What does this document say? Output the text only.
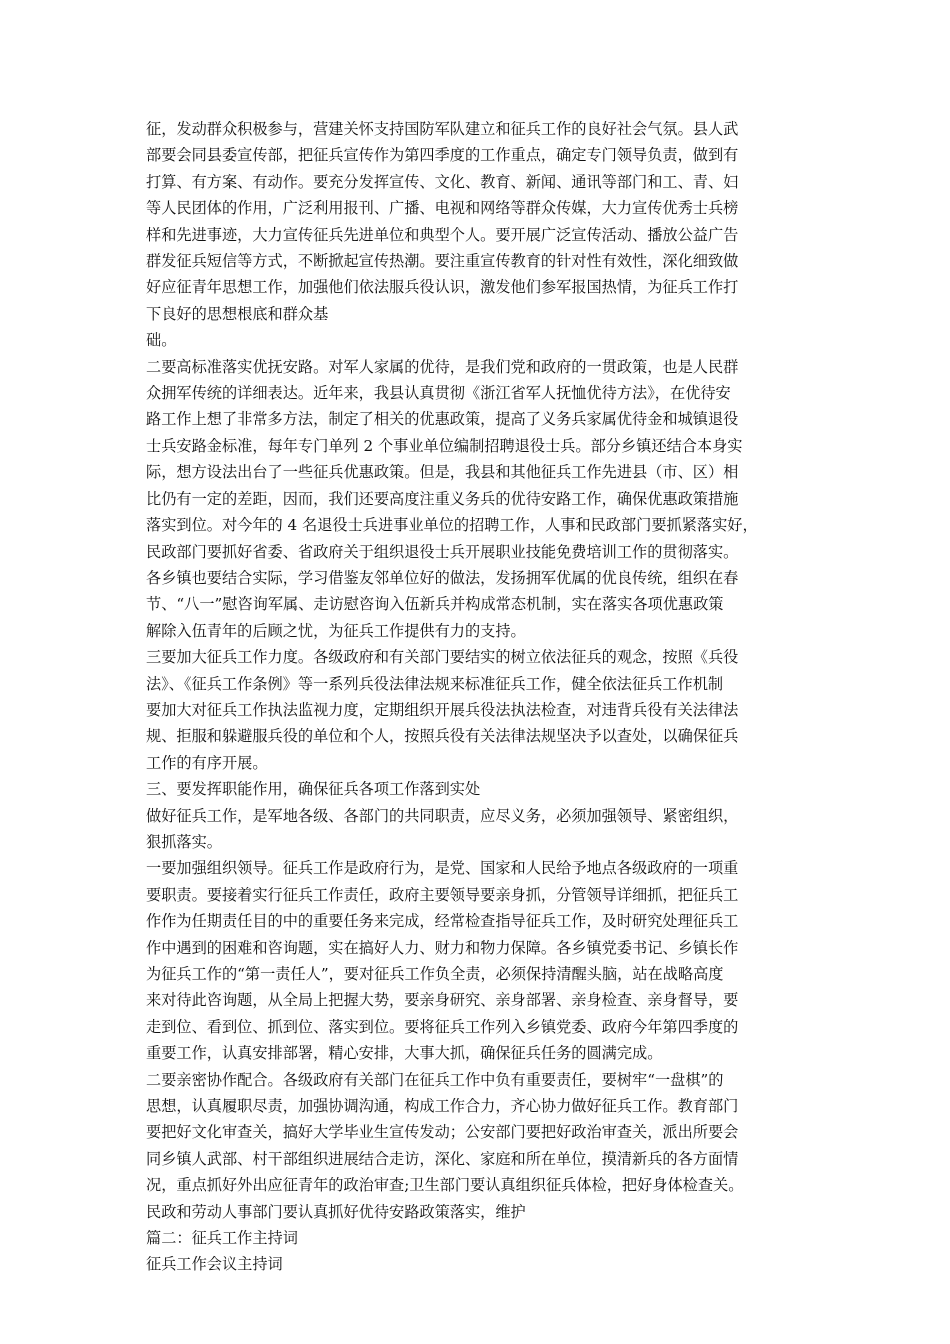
征，发动群众积极参与，营建关怀支持国防军队建立和征兵工作的良好社会气氛。县人武

部要会同县委宣传部，把征兵宣传作为第四季度的工作重点，确定专门领导负责，做到有

打算、有方案、有动作。要充分发挥宣传、文化、教育、新闻、通讯等部门和工、青、妇

等人民团体的作用，广泛利用报刊、广播、电视和网络等群众传媒，大力宣传优秀士兵榜

样和先进事迹，大力宣传征兵先进单位和典型个人。要开展广泛宣传活动、播放公益广告

群发征兵短信等方式，不断掀起宣传热潮。要注重宣传教育的针对性有效性，深化细致做

好应征青年思想工作，加强他们依法服兵役认识，激发他们参军报国热情，为征兵工作打

下良好的思想根底和群众基

础。

二要高标准落实优抚安路。对军人家属的优待，是我们党和政府的一贯政策，也是人民群

众拥军传统的详细表达。近年来，我县认真贯彻《浙江省军人抚恤优待方法》，在优待安

路工作上想了非常多方法，制定了相关的优惠政策，提高了义务兵家属优待金和城镇退役

士兵安路金标准，每年专门单列 2 个事业单位编制招聘退役士兵。部分乡镇还结合本身实

际，想方设法出台了一些征兵优惠政策。但是，我县和其他征兵工作先进县（市、区）相

比仍有一定的差距，因而，我们还要高度注重义务兵的优待安路工作，确保优惠政策措施

落实到位。对今年的 4 名退役士兵进事业单位的招聘工作，人事和民政部门要抓紧落实好，

民政部门要抓好省委、省政府关于组织退役士兵开展职业技能免费培训工作的贯彻落实。

各乡镇也要结合实际，学习借鉴友邻单位好的做法，发扬拥军优属的优良传统，组织在春

节、“八一”慰咨询军属、走访慰咨询入伍新兵并构成常态机制，实在落实各项优惠政策

解除入伍青年的后顾之忧，为征兵工作提供有力的支持。

三要加大征兵工作力度。各级政府和有关部门要结实的树立依法征兵的观念，按照《兵役

法》、《征兵工作条例》等一系列兵役法律法规来标准征兵工作，健全依法征兵工作机制

要加大对征兵工作执法监视力度，定期组织开展兵役法执法检查，对违背兵役有关法律法

规、拒服和躲避服兵役的单位和个人，按照兵役有关法律法规坚决予以查处，以确保征兵

工作的有序开展。

三、要发挥职能作用，确保征兵各项工作落到实处

做好征兵工作，是军地各级、各部门的共同职责，应尽义务，必须加强领导、紧密组织，

狠抓落实。

一要加强组织领导。征兵工作是政府行为，是党、国家和人民给予地点各级政府的一项重

要职责。要接着实行征兵工作责任，政府主要领导要亲身抓，分管领导详细抓，把征兵工

作作为任期责任目的中的重要任务来完成，经常检查指导征兵工作，及时研究处理征兵工

作中遇到的困难和咨询题，实在搞好人力、财力和物力保障。各乡镇党委书记、乡镇长作

为征兵工作的“第一责任人”，要对征兵工作负全责，必须保持清醒头脑，站在战略高度

来对待此咨询题，从全局上把握大势，要亲身研究、亲身部署、亲身检查、亲身督导，要

走到位、看到位、抓到位、落实到位。要将征兵工作列入乡镇党委、政府今年第四季度的

重要工作，认真安排部署，精心安排，大事大抓，确保征兵任务的圆满完成。

二要亲密协作配合。各级政府有关部门在征兵工作中负有重要责任，要树牢“一盘棋”的

思想，认真履职尽责，加强协调沟通，构成工作合力，齐心协力做好征兵工作。教育部门

要把好文化审查关，搞好大学毕业生宣传发动；公安部门要把好政治审查关，派出所要会

同乡镇人武部、村干部组织进展结合走访，深化、家庭和所在单位，摸清新兵的各方面情

况，重点抓好外出应征青年的政治审查;卫生部门要认真组织征兵体检，把好身体检查关。

民政和劳动人事部门要认真抓好优待安路政策落实，维护

篇二：征兵工作主持词

征兵工作会议主持词
